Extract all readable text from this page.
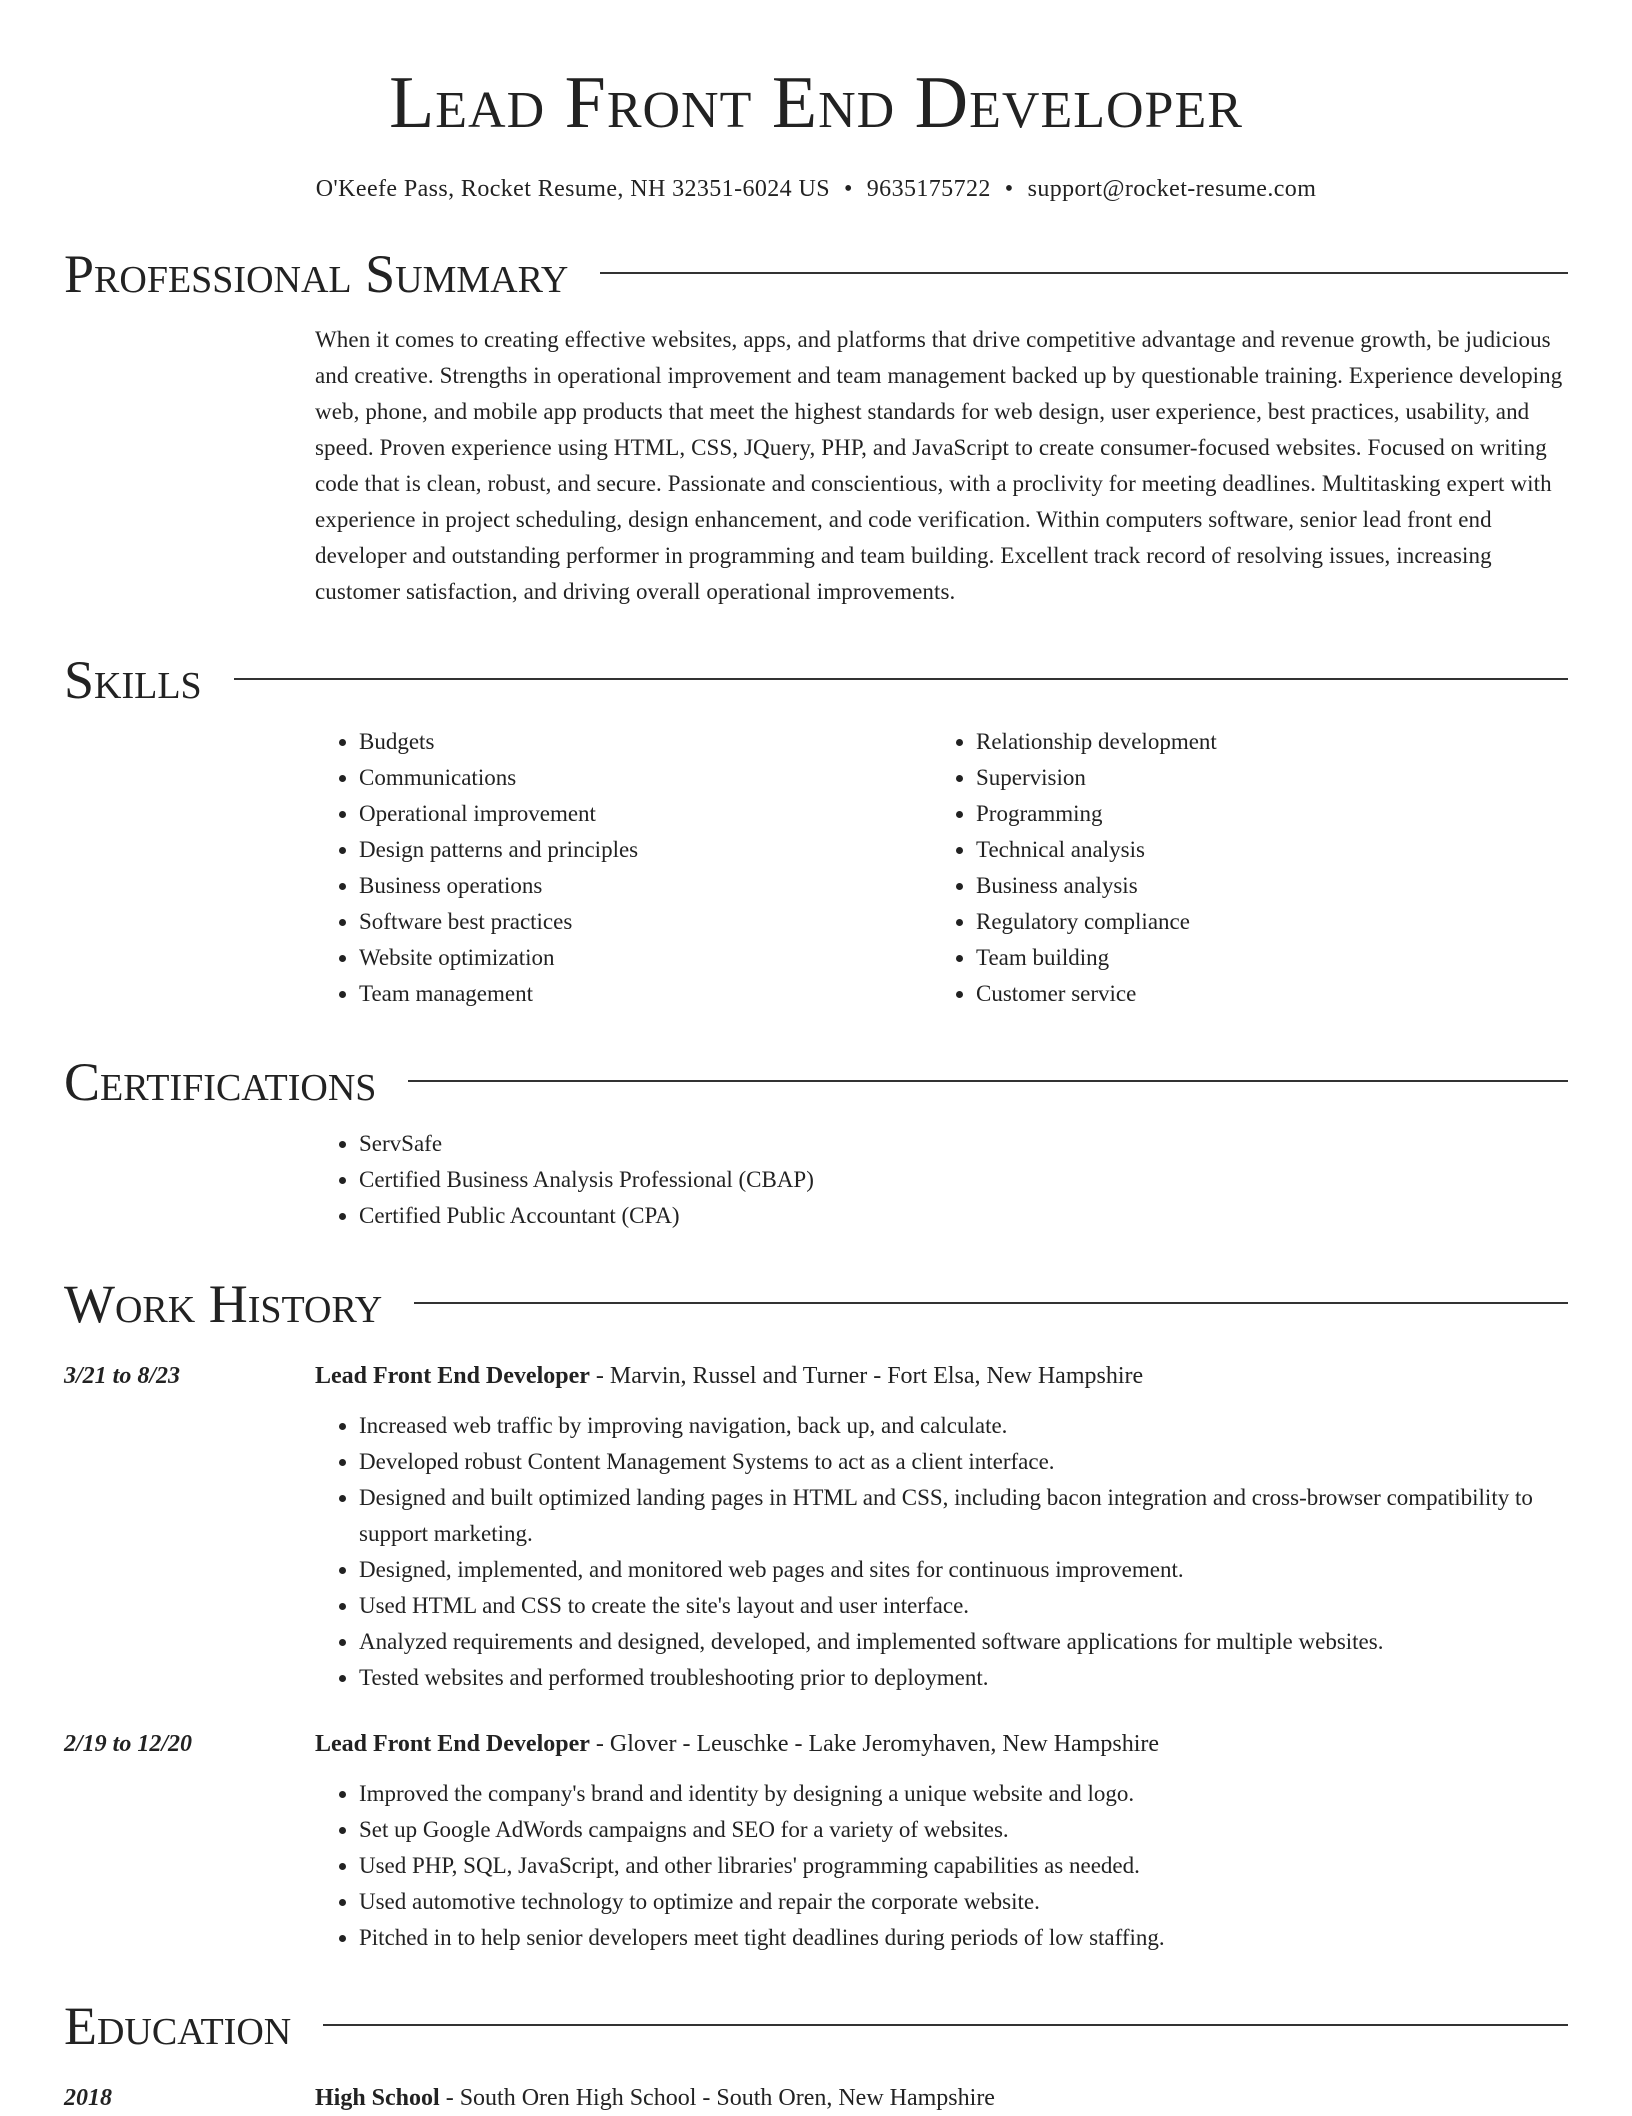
Lead Front End Developer
O'Keefe Pass, Rocket Resume, NH 32351-6024 US • 9635175722 • support@rocket-resume.com
Professional Summary
When it comes to creating effective websites, apps, and platforms that drive competitive advantage and revenue growth, be judicious and creative. Strengths in operational improvement and team management backed up by questionable training. Experience developing web, phone, and mobile app products that meet the highest standards for web design, user experience, best practices, usability, and speed. Proven experience using HTML, CSS, JQuery, PHP, and JavaScript to create consumer-focused websites. Focused on writing code that is clean, robust, and secure. Passionate and conscientious, with a proclivity for meeting deadlines. Multitasking expert with experience in project scheduling, design enhancement, and code verification. Within computers software, senior lead front end developer and outstanding performer in programming and team building. Excellent track record of resolving issues, increasing customer satisfaction, and driving overall operational improvements.
Skills
• Budgets
• Communications
• Operational improvement
• Design patterns and principles
• Business operations
• Software best practices
• Website optimization
• Team management
• Relationship development
• Supervision
• Programming
• Technical analysis
• Business analysis
• Regulatory compliance
• Team building
• Customer service
Certifications
• ServSafe
• Certified Business Analysis Professional (CBAP)
• Certified Public Accountant (CPA)
Work History
3/21 to 8/23	Lead Front End Developer - Marvin, Russel and Turner - Fort Elsa, New Hampshire
• Increased web traffic by improving navigation, back up, and calculate.
• Developed robust Content Management Systems to act as a client interface.
• Designed and built optimized landing pages in HTML and CSS, including bacon integration and cross-browser compatibility to support marketing.
• Designed, implemented, and monitored web pages and sites for continuous improvement.
• Used HTML and CSS to create the site's layout and user interface.
• Analyzed requirements and designed, developed, and implemented software applications for multiple websites.
• Tested websites and performed troubleshooting prior to deployment.
2/19 to 12/20	Lead Front End Developer - Glover - Leuschke - Lake Jeromyhaven, New Hampshire
• Improved the company's brand and identity by designing a unique website and logo.
• Set up Google AdWords campaigns and SEO for a variety of websites.
• Used PHP, SQL, JavaScript, and other libraries' programming capabilities as needed.
• Used automotive technology to optimize and repair the corporate website.
• Pitched in to help senior developers meet tight deadlines during periods of low staffing.
Education
2018	High School - South Oren High School - South Oren, New Hampshire
